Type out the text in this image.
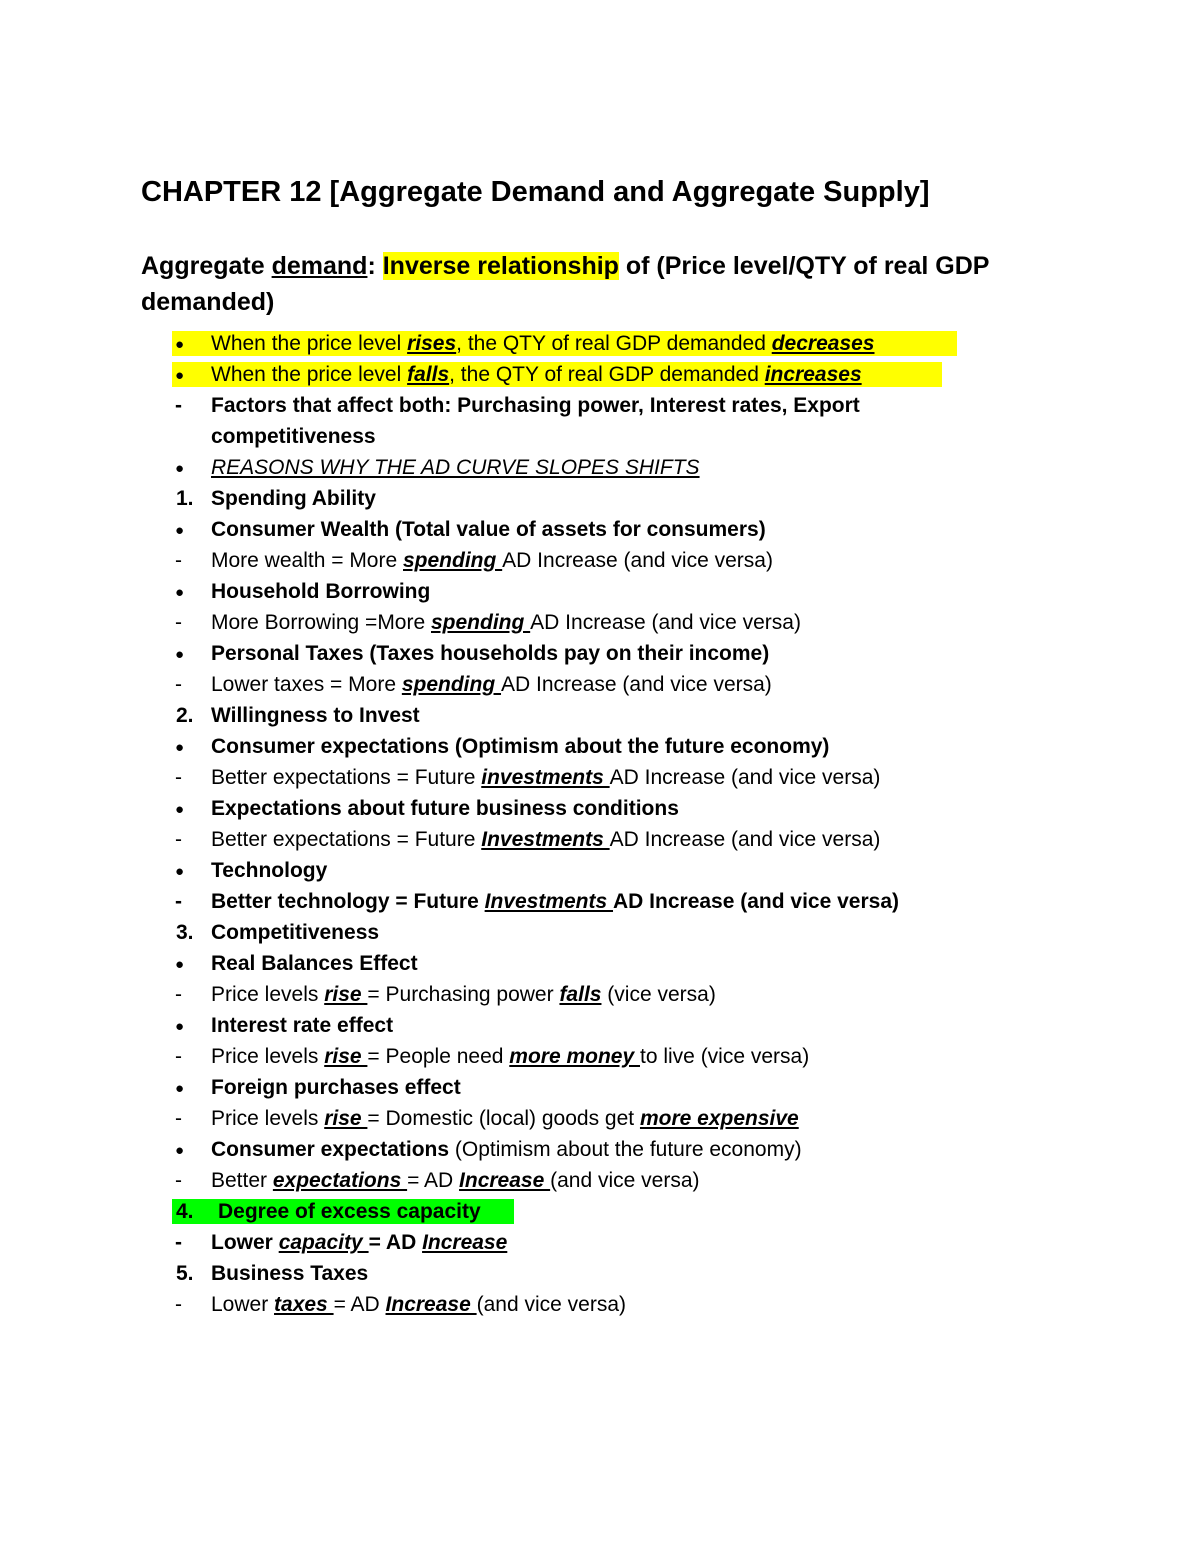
CHAPTER 12 [Aggregate Demand and Aggregate Supply]
Aggregate demand: Inverse relationship of (Price level/QTY of real GDP demanded)
● When the price level rises, the QTY of real GDP demanded decreases
● When the price level falls, the QTY of real GDP demanded increases
- Factors that affect both: Purchasing power, Interest rates, Export
competitiveness
● REASONS WHY THE AD CURVE SLOPES SHIFTS
1. Spending Ability
● Consumer Wealth (Total value of assets for consumers)
- More wealth = More spending AD Increase (and vice versa)
● Household Borrowing
- More Borrowing =More spending AD Increase (and vice versa)
● Personal Taxes (Taxes households pay on their income)
- Lower taxes = More spending AD Increase (and vice versa)
2. Willingness to Invest
● Consumer expectations (Optimism about the future economy)
- Better expectations = Future investments AD Increase (and vice versa)
● Expectations about future business conditions
- Better expectations = Future Investments AD Increase (and vice versa)
● Technology
- Better technology = Future Investments AD Increase (and vice versa)
3. Competitiveness
● Real Balances Effect
- Price levels rise = Purchasing power falls (vice versa)
● Interest rate effect
- Price levels rise = People need more money to live (vice versa)
● Foreign purchases effect
- Price levels rise = Domestic (local) goods get more expensive
● Consumer expectations (Optimism about the future economy)
- Better expectations = AD Increase (and vice versa)
4. Degree of excess capacity
- Lower capacity = AD Increase
5. Business Taxes
- Lower taxes = AD Increase (and vice versa)
